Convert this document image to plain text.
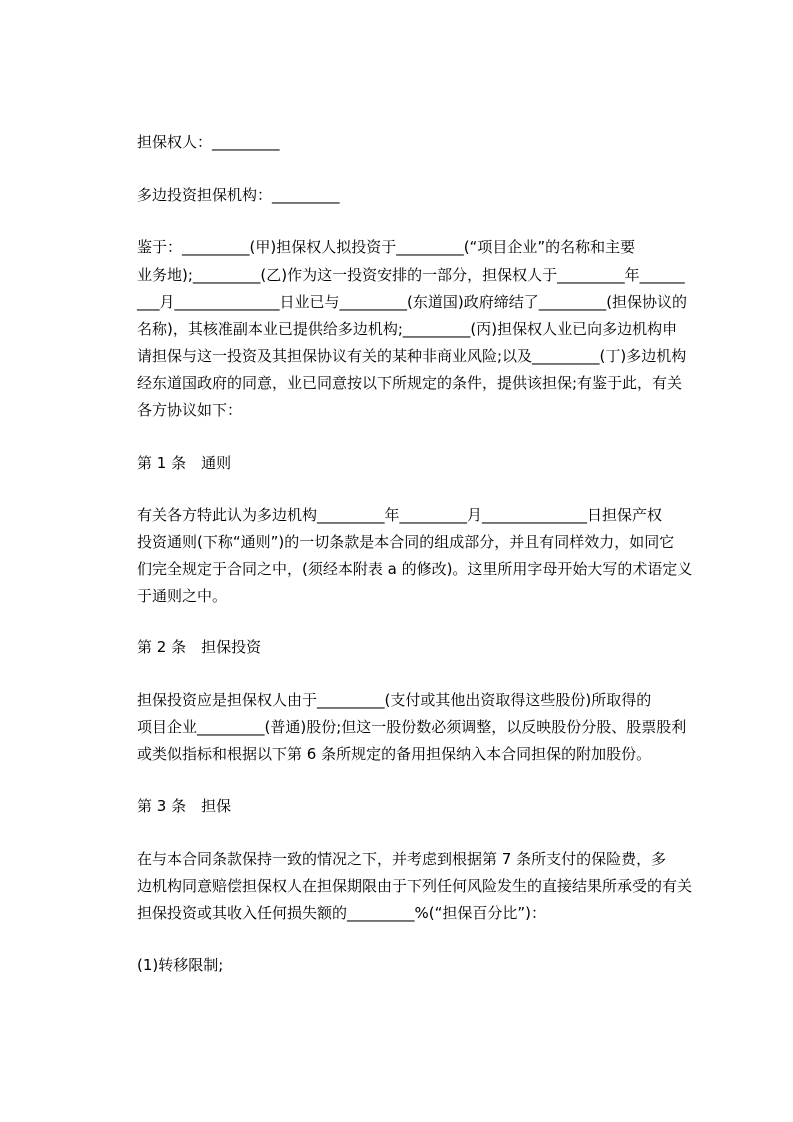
担保权人：_________
多边投资担保机构：_________
鉴于：_________(甲)担保权人拟投资于_________(“项目企业”的名称和主要
业务地);_________(乙)作为这一投资安排的一部分，担保权人于_________年______
___月______________日业已与_________(东道国)政府缔结了_________(担保协议的
名称)，其核准副本业已提供给多边机构;_________(丙)担保权人业已向多边机构申
请担保与这一投资及其担保协议有关的某种非商业风险;以及_________(丁)多边机构
经东道国政府的同意，业已同意按以下所规定的条件，提供该担保;有鉴于此，有关
各方协议如下：
第 1 条　通则
有关各方特此认为多边机构_________年_________月______________日担保产权
投资通则(下称“通则”)的一切条款是本合同的组成部分，并且有同样效力，如同它
们完全规定于合同之中，(须经本附表 a 的修改)。这里所用字母开始大写的术语定义
于通则之中。
第 2 条　担保投资
担保投资应是担保权人由于_________(支付或其他出资取得这些股份)所取得的
项目企业_________(普通)股份;但这一股份数必须调整，以反映股份分股、股票股利
或类似指标和根据以下第 6 条所规定的备用担保纳入本合同担保的附加股份。
第 3 条　担保
在与本合同条款保持一致的情况之下，并考虑到根据第 7 条所支付的保险费，多
边机构同意赔偿担保权人在担保期限由于下列任何风险发生的直接结果所承受的有关
担保投资或其收入任何损失额的_________%(“担保百分比”)：
(1)转移限制;
